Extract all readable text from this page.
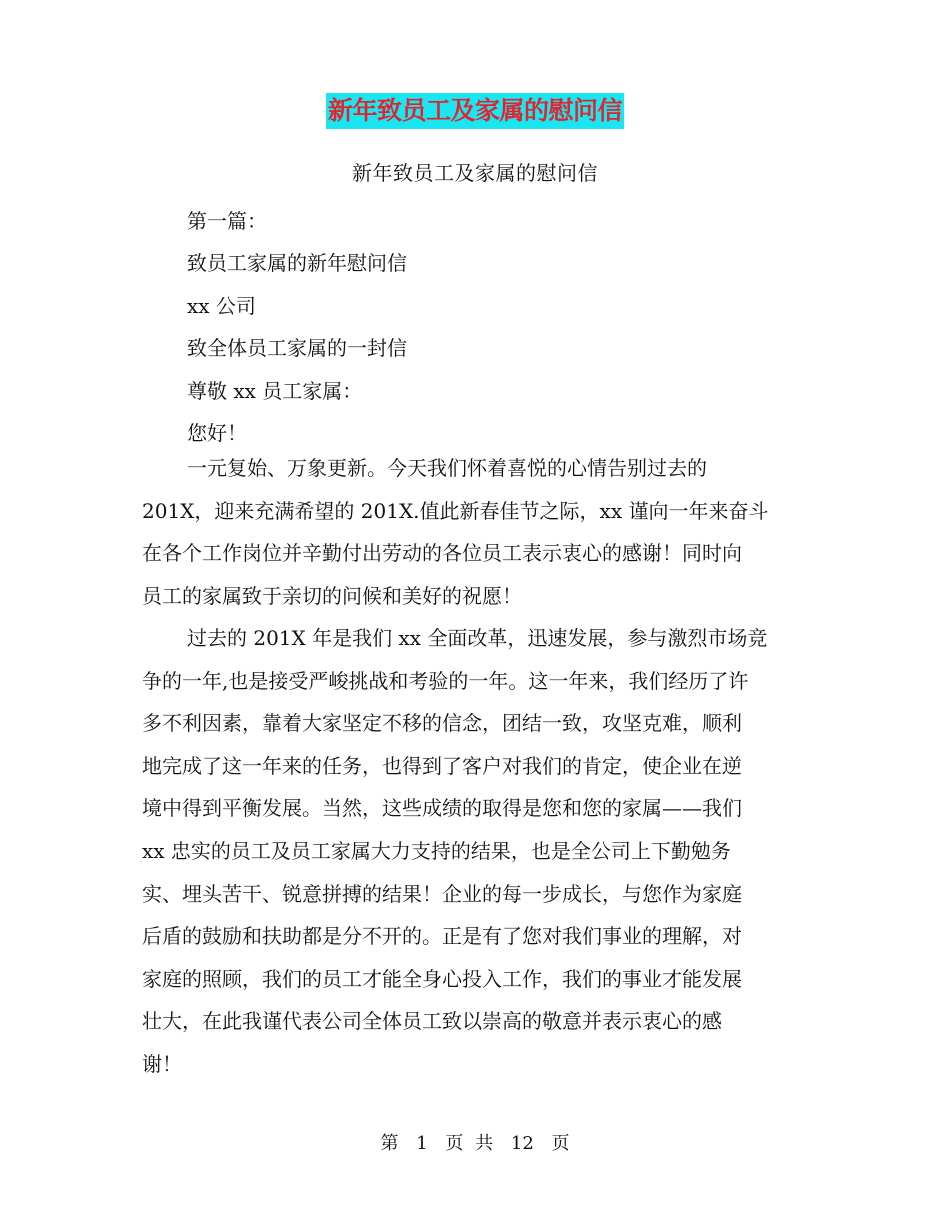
新年致员工及家属的慰问信
新年致员工及家属的慰问信
第一篇：
致员工家属的新年慰问信
xx 公司
致全体员工家属的一封信
尊敬 xx 员工家属：
您好！
一元复始、万象更新。今天我们怀着喜悦的心情告别过去的
201X，迎来充满希望的 201X.值此新春佳节之际，xx 谨向一年来奋斗
在各个工作岗位并辛勤付出劳动的各位员工表示衷心的感谢！同时向
员工的家属致于亲切的问候和美好的祝愿！
过去的 201X 年是我们 xx 全面改革，迅速发展，参与激烈市场竞
争的一年,也是接受严峻挑战和考验的一年。这一年来，我们经历了许
多不利因素，靠着大家坚定不移的信念，团结一致，攻坚克难，顺利
地完成了这一年来的任务，也得到了客户对我们的肯定，使企业在逆
境中得到平衡发展。当然，这些成绩的取得是您和您的家属——我们
xx 忠实的员工及员工家属大力支持的结果，也是全公司上下勤勉务
实、埋头苦干、锐意拼搏的结果！企业的每一步成长，与您作为家庭
后盾的鼓励和扶助都是分不开的。正是有了您对我们事业的理解，对
家庭的照顾，我们的员工才能全身心投入工作，我们的事业才能发展
壮大，在此我谨代表公司全体员工致以崇高的敬意并表示衷心的感
谢！
第 1 页 共 12 页
